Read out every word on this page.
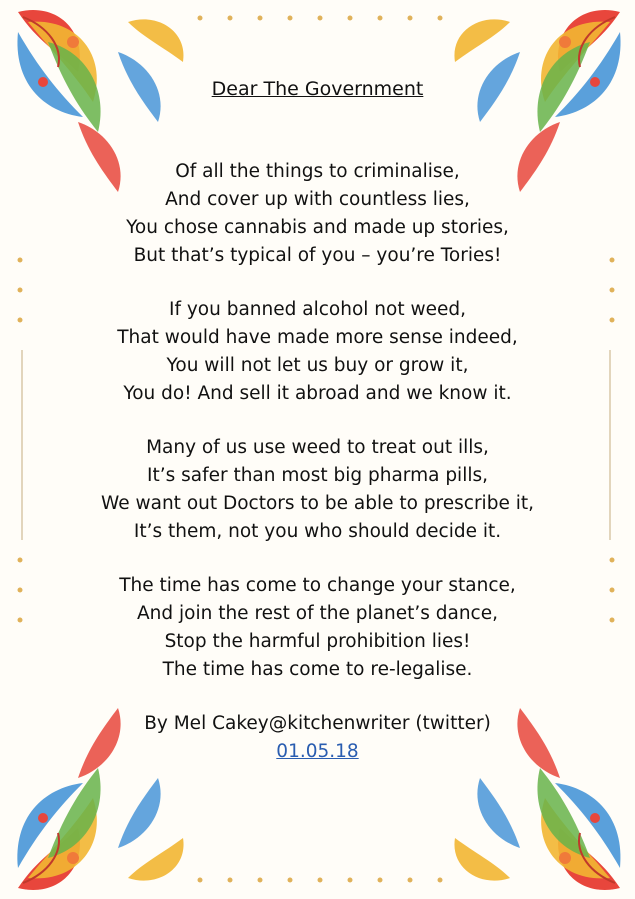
Dear The Government
Of all the things to criminalise,
And cover up with countless lies,
You chose cannabis and made up stories,
But that’s typical of you – you’re Tories!
If you banned alcohol not weed,
That would have made more sense indeed,
You will not let us buy or grow it,
You do! And sell it abroad and we know it.
Many of us use weed to treat out ills,
It’s safer than most big pharma pills,
We want out Doctors to be able to prescribe it,
It’s them, not you who should decide it.
The time has come to change your stance,
And join the rest of the planet’s dance,
Stop the harmful prohibition lies!
The time has come to re-legalise.
By Mel Cakey@kitchenwriter (twitter)
01.05.18
